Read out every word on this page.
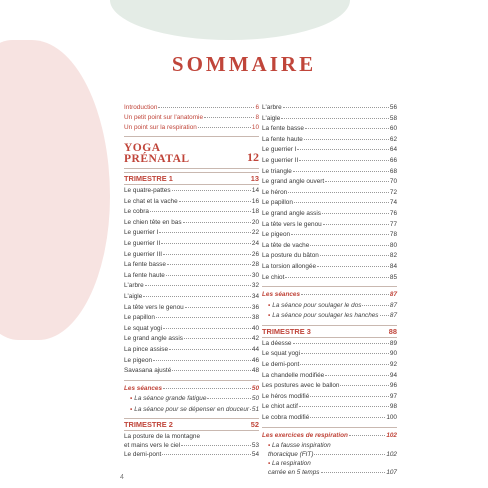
SOMMAIRE
Introduction	6
Un petit point sur l'anatomie	8
Un point sur la respiration	10
YOGA
PRÉNATAL	12
TRIMESTRE 1	13
Le quatre-pattes	14
Le chat et la vache	16
Le cobra	18
Le chien tête en bas	20
Le guerrier I	22
Le guerrier II	24
Le guerrier III	26
La fente basse	28
La fente haute	30
L'arbre	32
L'aigle	34
La tête vers le genou	36
Le papillon	38
Le squat yogi	40
Le grand angle assis	42
La pince assise	44
Le pigeon	46
Savasana ajusté	48
Les séances	50
▪ La séance grande fatigue	50
▪ La séance pour se dépenser en douceur 51
TRIMESTRE 2	52
La posture de la montagne
et mains vers le ciel	53
Le demi-pont	54
L'arbre	56
L'aigle	58
La fente basse	60
La fente haute	62
Le guerrier I	64
Le guerrier II	66
Le triangle	68
Le grand angle ouvert	70
Le héron	72
Le papillon	74
Le grand angle assis	76
La tête vers le genou	77
Le pigeon	78
La tête de vache	80
La posture du bâton	82
La torsion allongée	84
Le chiot	85
Les séances	87
▪ La séance pour soulager le dos	87
▪ La séance pour soulager les hanches 87
TRIMESTRE 3	88
La déesse	89
Le squat yogi	90
Le demi-pont	92
La chandelle modifiée	94
Les postures avec le ballon	96
Le héros modifié	97
Le chiot actif	98
Le cobra modifié	100
Les exercices de respiration	102
▪ La fausse inspiration
thoracique (FIT)	102
▪ La respiration
carrée en 5 temps	107
4
